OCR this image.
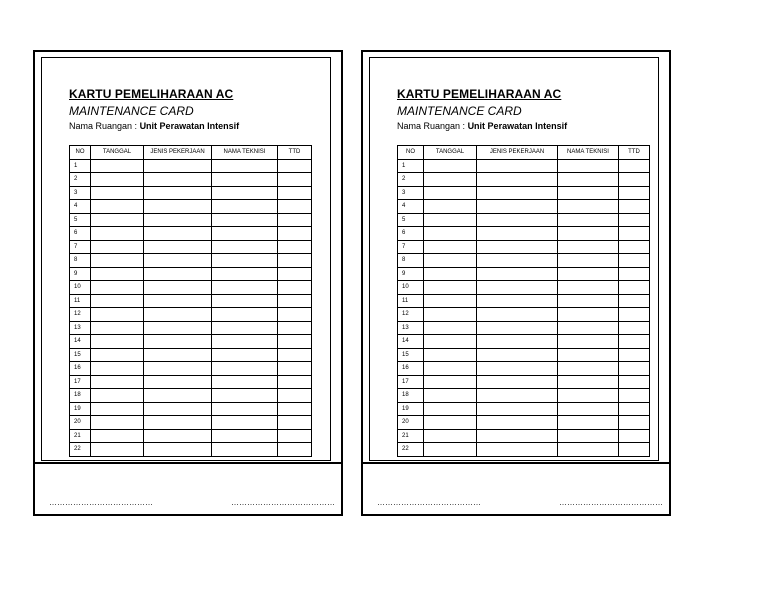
KARTU PEMELIHARAAN AC
MAINTENANCE CARD
Nama Ruangan : Unit Perawatan Intensif
NO	TANGGAL	JENIS PEKERJAAN	NAMA TEKNISI	TTD
1				
2				
3				
4				
5				
6				
7				
8				
9				
10				
11				
12				
13				
14				
15				
16				
17				
18				
19				
20				
21				
22				
…………………………………	…………………………………
KARTU PEMELIHARAAN AC
MAINTENANCE CARD
Nama Ruangan : Unit Perawatan Intensif
NO	TANGGAL	JENIS PEKERJAAN	NAMA TEKNISI	TTD
1				
2				
3				
4				
5				
6				
7				
8				
9				
10				
11				
12				
13				
14				
15				
16				
17				
18				
19				
20				
21				
22				
…………………………………	…………………………………
